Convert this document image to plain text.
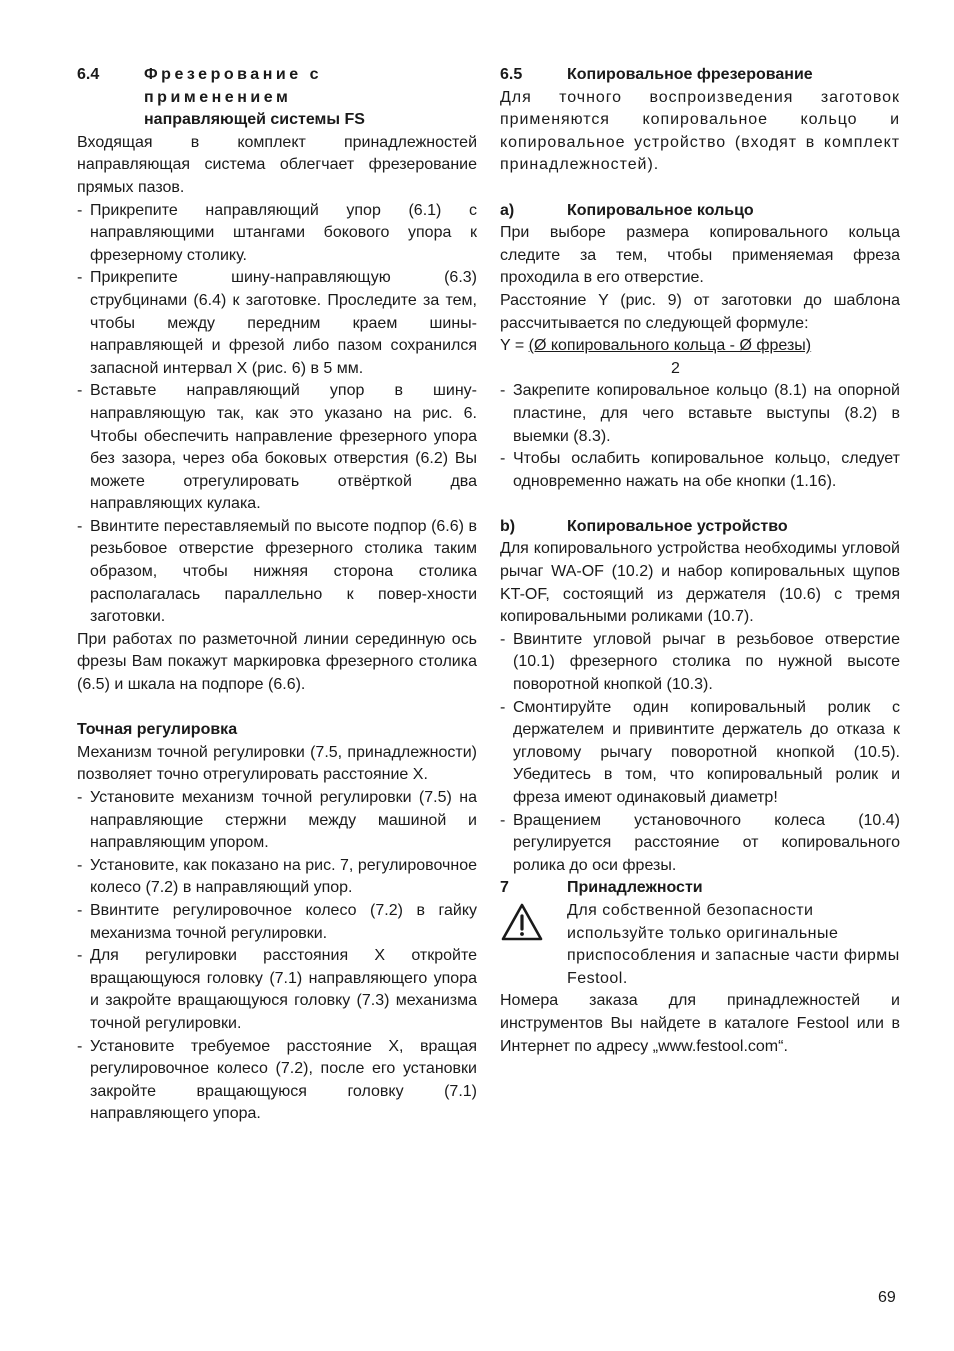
6.4	Фрезерование с применением
направляющей системы FS

Входящая в комплект принадлежностей направляющая система облегчает фрезерование прямых пазов.

- Прикрепите направляющий упор (6.1) с направляющими штангами бокового упора к фрезерному столику.
- Прикрепите шину-направляющую (6.3) струбцинами (6.4) к заготовке. Проследите за тем, чтобы между передним краем шины-направляющей и фрезой либо пазом сохранился запасной интервал X (рис. 6) в 5 мм.
- Вставьте направляющий упор в шину-направляющую так, как это указано на рис. 6. Чтобы обеспечить направление фрезерного упора без зазора, через оба боковых отверстия (6.2) Вы можете отрегулировать отвёрткой два направляющих кулака.
- Ввинтите переставляемый по высоте подпор (6.6) в резьбовое отверстие фрезерного столика таким образом, чтобы нижняя сторона столика располагалась параллельно к повер-хности заготовки.

При работах по разметочной линии серединную ось фрезы Вам покажут маркировка фрезерного столика (6.5) и шкала на подпоре (6.6).

Точная регулировка

Механизм точной регулировки (7.5, принадлежности) позволяет точно отрегулировать расстояние X.

- Установите механизм точной регулировки (7.5) на направляющие стержни между машиной и направляющим упором.
- Установите, как показано на рис. 7, регулировочное колесо (7.2) в направляющий упор.
- Ввинтите регулировочное колесо (7.2) в гайку механизма точной регулировки.
- Для регулировки расстояния X откройте вращающуюся головку (7.1) направляющего упора и закройте вращающуюся головку (7.3) механизма точной регулировки.
- Установите требуемое расстояние X, вращая регулировочное колесо (7.2), после его установки закройте вращающуюся головку (7.1) направляющего упора.
6.5	Копировальное фрезерование

Для точного воспроизведения заготовок применяются копировальное кольцо и копировальное устройство (входят в комплект принадлежностей).

a)	Копировальное кольцо

При выборе размера копировального кольца следите за тем, чтобы применяемая фреза проходила в его отверстие.

Расстояние Y (рис. 9) от заготовки до шаблона рассчитывается по следующей формуле:

Y = (Ø копировального кольца - Ø фрезы)

2

- Закрепите копировальное кольцо (8.1) на опорной пластине, для чего вставьте выступы (8.2) в выемки (8.3).
- Чтобы ослабить копировальное кольцо, следует одновременно нажать на обе кнопки (1.16).
b)	Копировальное устройство

Для копировального устройства необходимы угловой рычаг WA-OF (10.2) и набор копировальных щупов KT-OF, состоящий из держателя (10.6) с тремя копировальными роликами (10.7).

- Ввинтите угловой рычаг в резьбовое отверстие (10.1) фрезерного столика по нужной высоте поворотной кнопкой (10.3).
- Смонтируйте один копировальный ролик с держателем и привинтите держатель до отказа к угловому рычагу поворотной кнопкой (10.5). Убедитесь в том, что копировальный ролик и фреза имеют одинаковый диаметр!
- Вращением установочного колеса (10.4) регулируется расстояние от копировального ролика до оси фрезы.
7	Принадлежности
Для собственной безопасности используйте только оригинальные приспособления и запасные части фирмы Festool.

Номера заказа для принадлежностей и инструментов Вы найдете в каталоге Festool или в Интернет по адресу „www.festool.com“.

69
